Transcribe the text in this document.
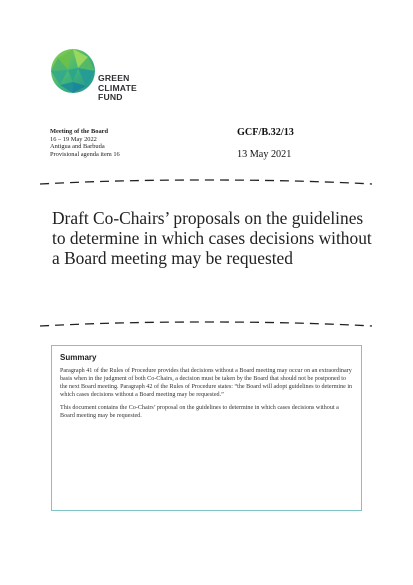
GREEN
CLIMATE
FUND
Meeting of the Board
16 – 19 May 2022
Antigua and Barbuda
Provisional agenda item 16
GCF/B.32/13
13 May 2021
Draft Co-Chairs’ proposals on the guidelines to determine in which cases decisions without a Board meeting may be requested
Summary

Paragraph 41 of the Rules of Procedure provides that decisions without a Board meeting may occur on an extraordinary basis when in the judgment of both Co-Chairs, a decision must be taken by the Board that should not be postponed to the next Board meeting. Paragraph 42 of the Rules of Procedure states: “the Board will adopt guidelines to determine in which cases decisions without a Board meeting may be requested.”

This document contains the Co-Chairs’ proposal on the guidelines to determine in which cases decisions without a Board meeting may be requested.
